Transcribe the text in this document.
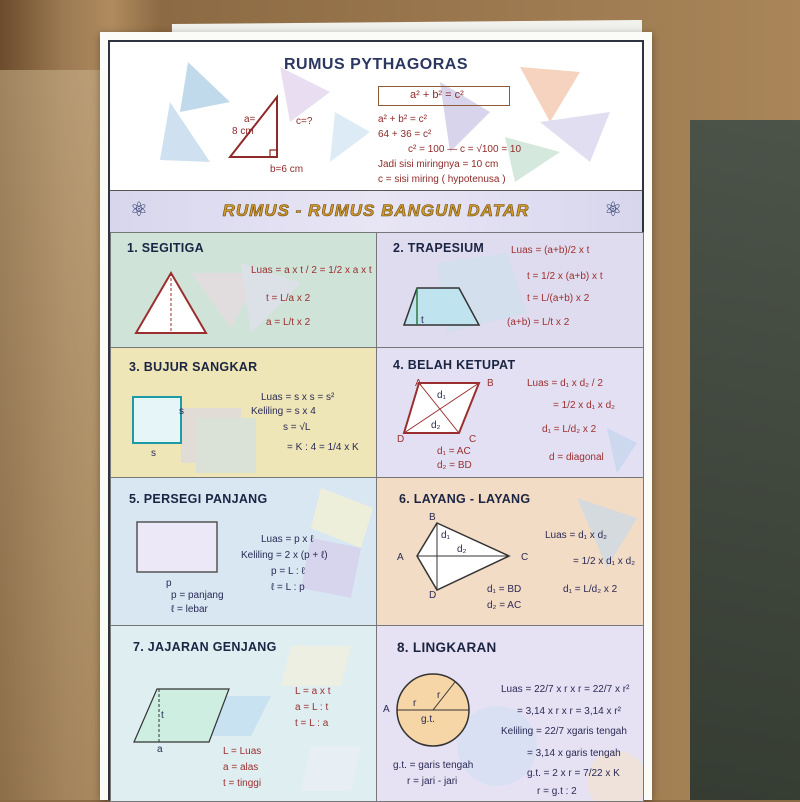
RUMUS PYTHAGORAS
a=
8 cm
c=?
b=6 cm
a² + b² = c²
a² + b² = c²
64 + 36 = c²
c² = 100 — c = √100 = 10
Jadi sisi miringnya = 10 cm
c = sisi miring ( hypotenusa )
⚛	RUMUS - RUMUS BANGUN DATAR	⚛
1. SEGITIGA
Luas = a x t / 2 = 1/2 x a x t
t = L/a x 2
a = L/t x 2
2. TRAPESIUM
t
Luas = (a+b)/2 x t
t = 1/2 x (a+b) x t
t = L/(a+b) x 2
(a+b) = L/t x 2
3. BUJUR SANGKAR
s
s
Luas = s x s = s²
Keliling = s x 4
s = √L
= K : 4 = 1/4 x K
4. BELAH KETUPAT
A	B
C
D
d₁
d₂
d₁ = AC
d₂ = BD
Luas = d₁ x d₂ / 2
= 1/2 x d₁ x d₂
d₁ = L/d₂ x 2
d = diagonal
5. PERSEGI PANJANG
p
p = panjang
ℓ = lebar
Luas = p x ℓ
Keliling = 2 x (p + ℓ)
p = L : ℓ
ℓ = L : p
6. LAYANG - LAYANG
B
A	C
D
d₁
d₂
d₁ = BD
d₂ = AC
Luas = d₁ x d₂
= 1/2 x d₁ x d₂
d₁ = L/d₂ x 2
7. JAJARAN GENJANG
t
a	L = Luas
a = alas
t = tinggi
L = a x t
a = L : t
t = L : a
8. LINGKARAN
A
r
r
g.t.
g.t. = garis tengah
r = jari - jari
r = g.t : 2
Luas = 22/7 x r x r = 22/7 x r²
= 3,14 x r x r = 3,14 x r²
Keliling = 22/7 xgaris tengah
= 3,14 x garis tengah
g.t. = 2 x r = 7/22 x K
